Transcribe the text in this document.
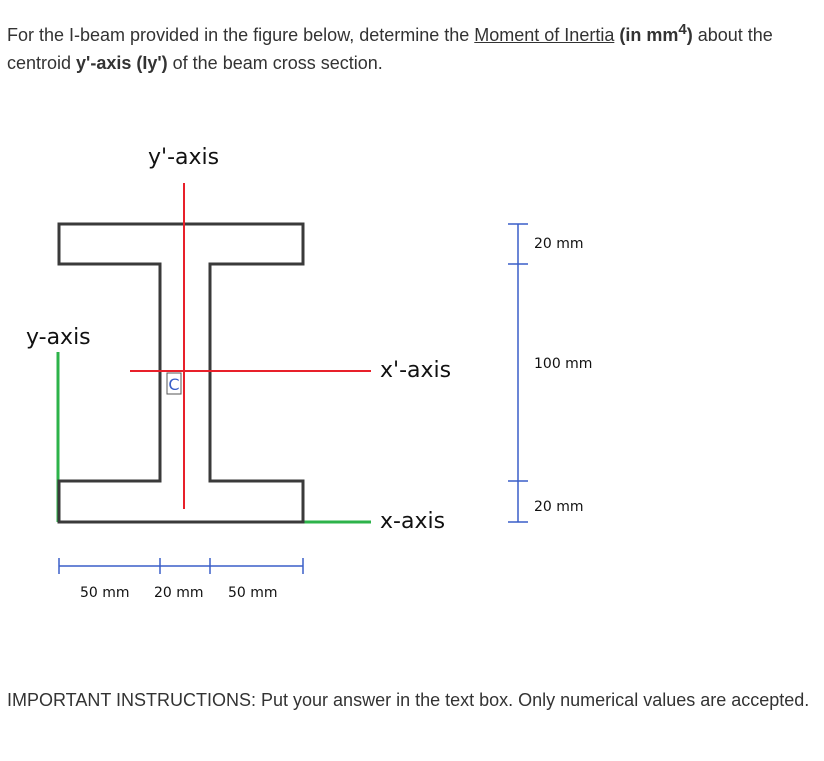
For the I-beam provided in the figure below, determine the Moment of Inertia (in $mm^4$) about the centroid y'-axis (Iy') of the beam cross section.
C
y'-axis
y-axis
x'-axis
x-axis
20 mm
100 mm
20 mm
50 mm 20 mm 50 mm
IMPORTANT INSTRUCTIONS: Put your answer in the text box. Only numerical values are accepted.
